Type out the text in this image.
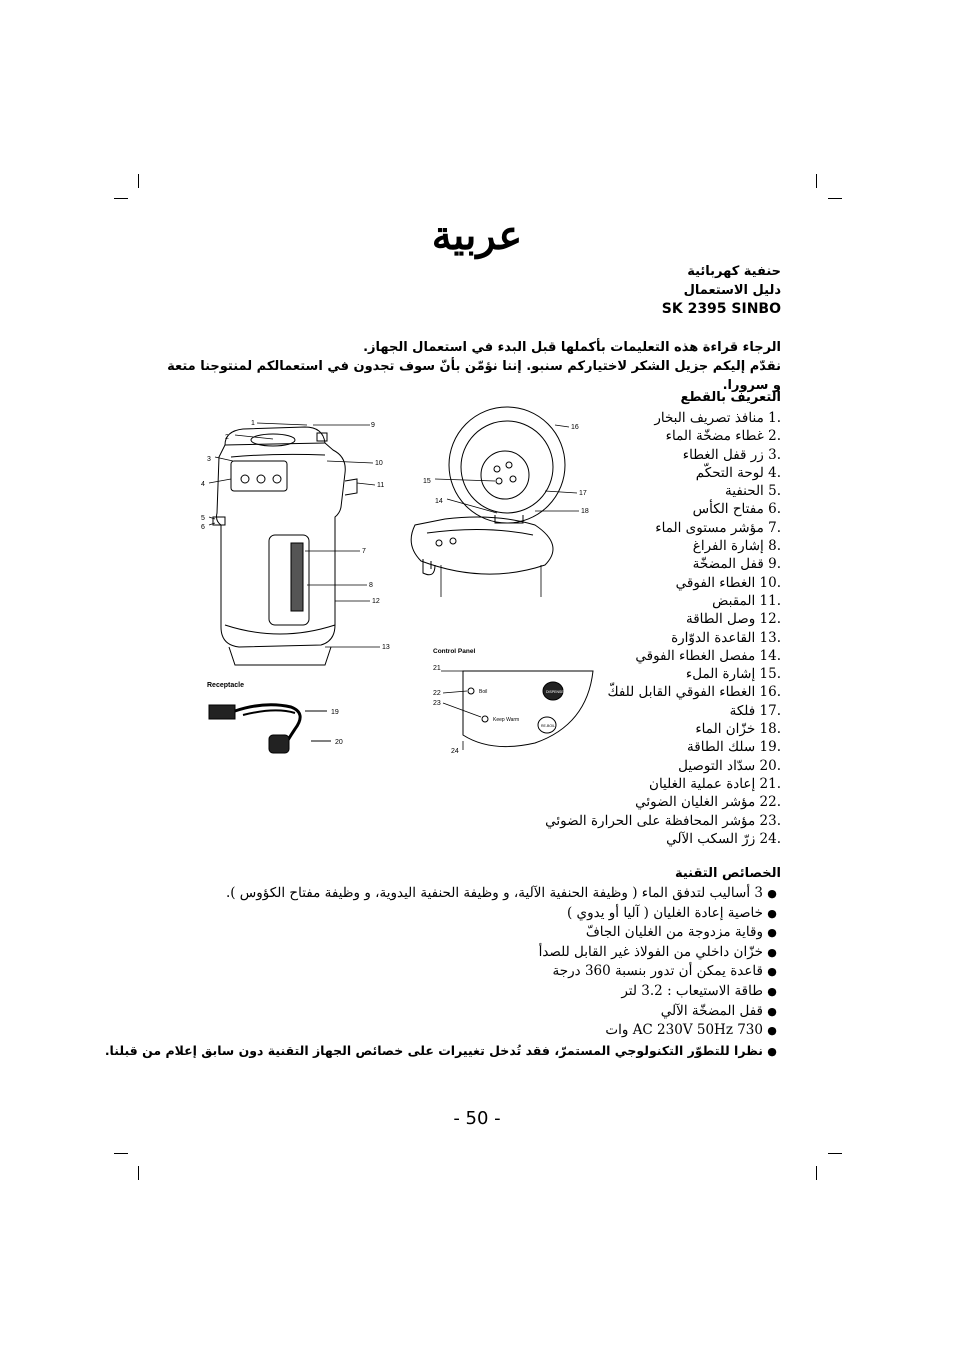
عربية
حنفية كهربائية
دليل الاستعمال
SK 2395 SINBO
الرجاء قراءة هذه التعليمات بأكملها قبل البدء في استعمال الجهاز.
نقدّم إليكم جزيل الشكر لاختياركم سنبو. إننا نؤمّن بأنّ سوف تجدون في استعمالكم لمنتوجنا متعة و سرورا.
التعريف بالقطع
1. منافذ تصريف البخار
2. غطاء مضخّة الماء
3. زر قفل الغطاء
4. لوحة التحكّم
5. الحنفية
6. مفتاح الكأس
7. مؤشر مستوى الماء
8. إشارة الفراغ
9. قفل المضخّة
10. الغطاء الفوقي
11. المقبض
12. وصل الطاقة
13. القاعدة الدوّارة
14. مفصل الغطاء الفوقي
15. إشارة الملء
16. الغطاء الفوقي القابل للفكّ
17. فلكة
18. خزّان الماء
19. سلك الطاقة
20. سدّاد التوصيل
21. إعادة عملية الغليان
22. مؤشر الغليان الضوئي
23. مؤشر المحافظة على الحرارة الضوئي
24. زرّ السكب الآلي
الخصائص التقنية
●3 أساليب لتدفق الماء ( وظيفة الحنفية الآلية، و وظيفة الحنفية اليدوية، و وظيفة مفتاح الكؤوس ).
●خاصية إعادة الغليان ( آليا أو يدوي )
●وقاية مزدوجة من الغليان الجافّ
●خزّان داخلي من الفولاذ غير القابل للصدأ
●قاعدة يمكن أن تدور بنسبة 360 درجة
●طاقة الاستيعاب : 3.2 لتر
●قفل المضخّة الآلي
●AC 230V 50Hz 730 وات
●نظرا للتطوّر التكنولوجي المستمرّ، فقد تُدخل تغييرات على خصائص الجهاز التقنية دون سابق إعلام من قبلنا.
1
2
3
4
5
6
7
8
9
10
11
12
13
16
17
18
15
14
Control Panel
Boil
Keep Warm
DISPENSE
RE-BOIL
21
22
23
24
Receptacle
19
20
- 50 -
